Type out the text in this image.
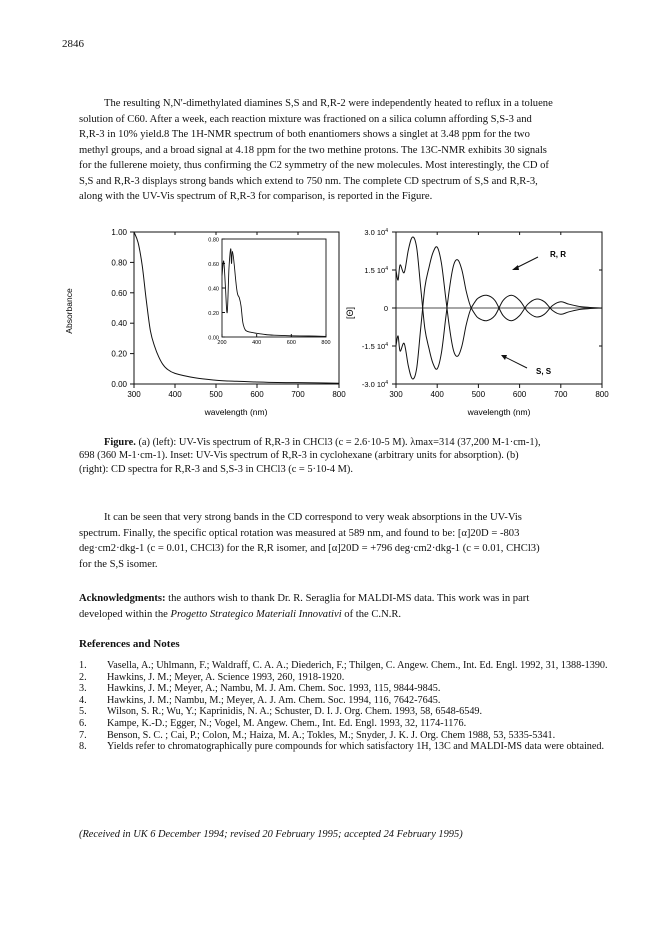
2846

The resulting N,N'-dimethylated diamines S,S and R,R-2 were independently heated to reflux in a toluene

solution of C60. After a week, each reaction mixture was fractioned on a silica column affording S,S-3 and

R,R-3 in 10% yield.8 The 1H-NMR spectrum of both enantiomers shows a singlet at 3.48 ppm for the two

methyl groups, and a broad signal at 4.18 ppm for the two methine protons. The 13C-NMR exhibits 30 signals

for the fullerene moiety, thus confirming the C2 symmetry of the new molecules. Most interestingly, the CD of

S,S and R,R-3 displays strong bands which extend to 750 nm. The complete CD spectrum of S,S and R,R-3,

along with the UV-Vis spectrum of R,R-3 for comparison, is reported in the Figure.

Absorbance
wavelength (nm)
[Θ]
wavelength (nm)
1.00
0.80
0.60
0.40
0.20
0.00
300	400	500	600	700	800
0.80
0.60
0.40
0.20
0.00
200	400	600	800
3.0 $10^4$
1.5 $10^4$
0
-1.5 $10^4$
-3.0 $10^4$
300	400	500	600	700	800
R, R
S, S
Figure. (a) (left): UV-Vis spectrum of R,R-3 in CHCl3 (c = 2.6·10-5 M). λmax=314 (37,200 M-1·cm-1),
698 (360 M-1·cm-1). Inset: UV-Vis spectrum of R,R-3 in cyclohexane (arbitrary units for absorption). (b)
(right): CD spectra for R,R-3 and S,S-3 in CHCl3 (c = 5·10-4 M).

It can be seen that very strong bands in the CD correspond to very weak absorptions in the UV-Vis

spectrum. Finally, the specific optical rotation was measured at 589 nm, and found to be: [α]20D = -803

deg·cm2·dkg-1 (c = 0.01, CHCl3) for the R,R isomer, and [α]20D = +796 deg·cm2·dkg-1 (c = 0.01, CHCl3)

for the S,S isomer.

Acknowledgments: the authors wish to thank Dr. R. Seraglia for MALDI-MS data. This work was in part

developed within the Progetto Strategico Materiali Innovativi of the C.N.R.

References and Notes
1.	Vasella, A.; Uhlmann, F.; Waldraff, C. A. A.; Diederich, F.; Thilgen, C. Angew. Chem., Int. Ed. Engl. 1992, 31, 1388-1390.
2.	Hawkins, J. M.; Meyer, A. Science 1993, 260, 1918-1920.
3.	Hawkins, J. M.; Meyer, A.; Nambu, M. J. Am. Chem. Soc. 1993, 115, 9844-9845.
4.	Hawkins, J. M.; Nambu, M.; Meyer, A. J. Am. Chem. Soc. 1994, 116, 7642-7645.
5.	Wilson, S. R.; Wu, Y.; Kaprinidis, N. A.; Schuster, D. I. J. Org. Chem. 1993, 58, 6548-6549.
6.	Kampe, K.-D.; Egger, N.; Vogel, M. Angew. Chem., Int. Ed. Engl. 1993, 32, 1174-1176.
7.	Benson, S. C. ; Cai, P.; Colon, M.; Haiza, M. A.; Tokles, M.; Snyder, J. K. J. Org. Chem 1988, 53, 5335-5341.
8.	Yields refer to chromatographically pure compounds for which satisfactory 1H, 13C and MALDI-MS data were obtained.
(Received in UK 6 December 1994; revised 20 February 1995; accepted 24 February 1995)
